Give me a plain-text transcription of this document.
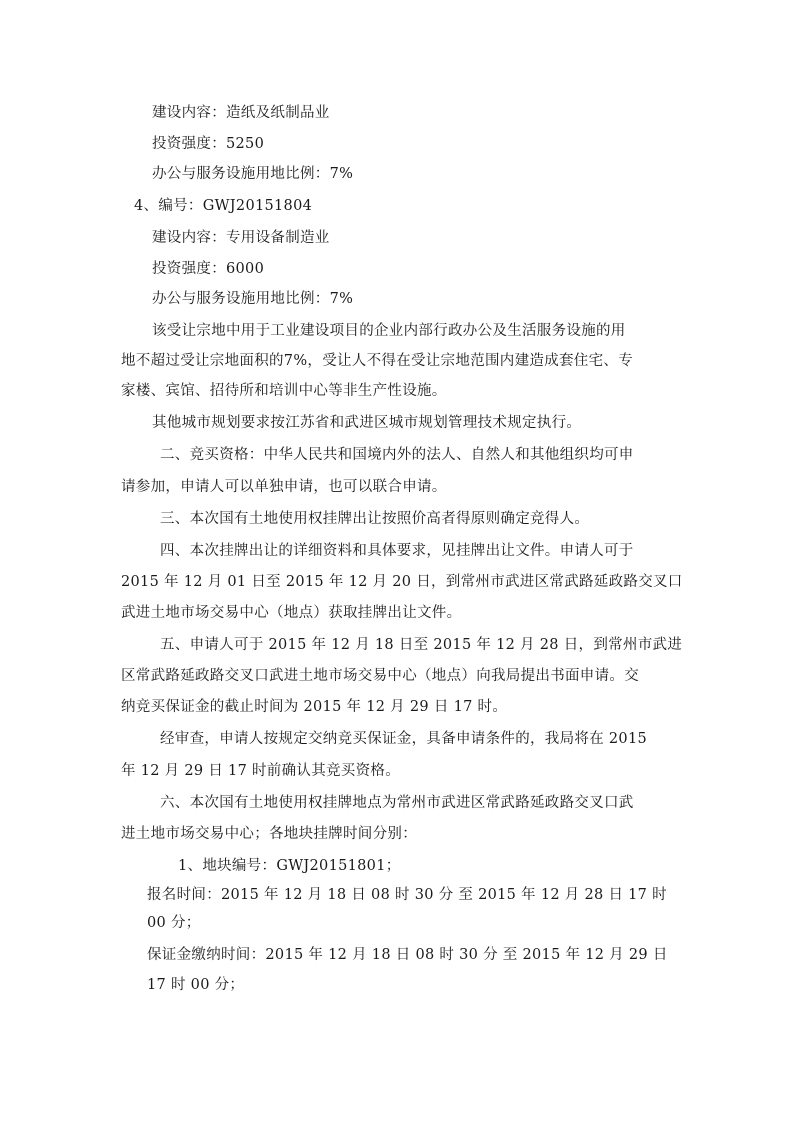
建设内容：造纸及纸制品业
投资强度：5250
办公与服务设施用地比例：7%
4、编号：GWJ20151804
建设内容：专用设备制造业
投资强度：6000
办公与服务设施用地比例：7%
该受让宗地中用于工业建设项目的企业内部行政办公及生活服务设施的用
地不超过受让宗地面积的7%，受让人不得在受让宗地范围内建造成套住宅、专
家楼、宾馆、招待所和培训中心等非生产性设施。
其他城市规划要求按江苏省和武进区城市规划管理技术规定执行。
二、竞买资格：中华人民共和国境内外的法人、自然人和其他组织均可申
请参加，申请人可以单独申请，也可以联合申请。
三、本次国有土地使用权挂牌出让按照价高者得原则确定竞得人。
四、本次挂牌出让的详细资料和具体要求，见挂牌出让文件。申请人可于
2015 年 12 月 01 日至 2015 年 12 月 20 日，到常州市武进区常武路延政路交叉口
武进土地市场交易中心（地点）获取挂牌出让文件。
五、申请人可于 2015 年 12 月 18 日至 2015 年 12 月 28 日，到常州市武进
区常武路延政路交叉口武进土地市场交易中心（地点）向我局提出书面申请。交
纳竞买保证金的截止时间为 2015 年 12 月 29 日 17 时。
经审查，申请人按规定交纳竞买保证金，具备申请条件的，我局将在 2015
年 12 月 29 日 17 时前确认其竞买资格。
六、本次国有土地使用权挂牌地点为常州市武进区常武路延政路交叉口武
进土地市场交易中心；各地块挂牌时间分别：
1、地块编号：GWJ20151801；
报名时间：2015 年 12 月 18 日 08 时 30 分 至 2015 年 12 月 28 日 17 时
00 分；
保证金缴纳时间：2015 年 12 月 18 日 08 时 30 分 至 2015 年 12 月 29 日
17 时 00 分；
